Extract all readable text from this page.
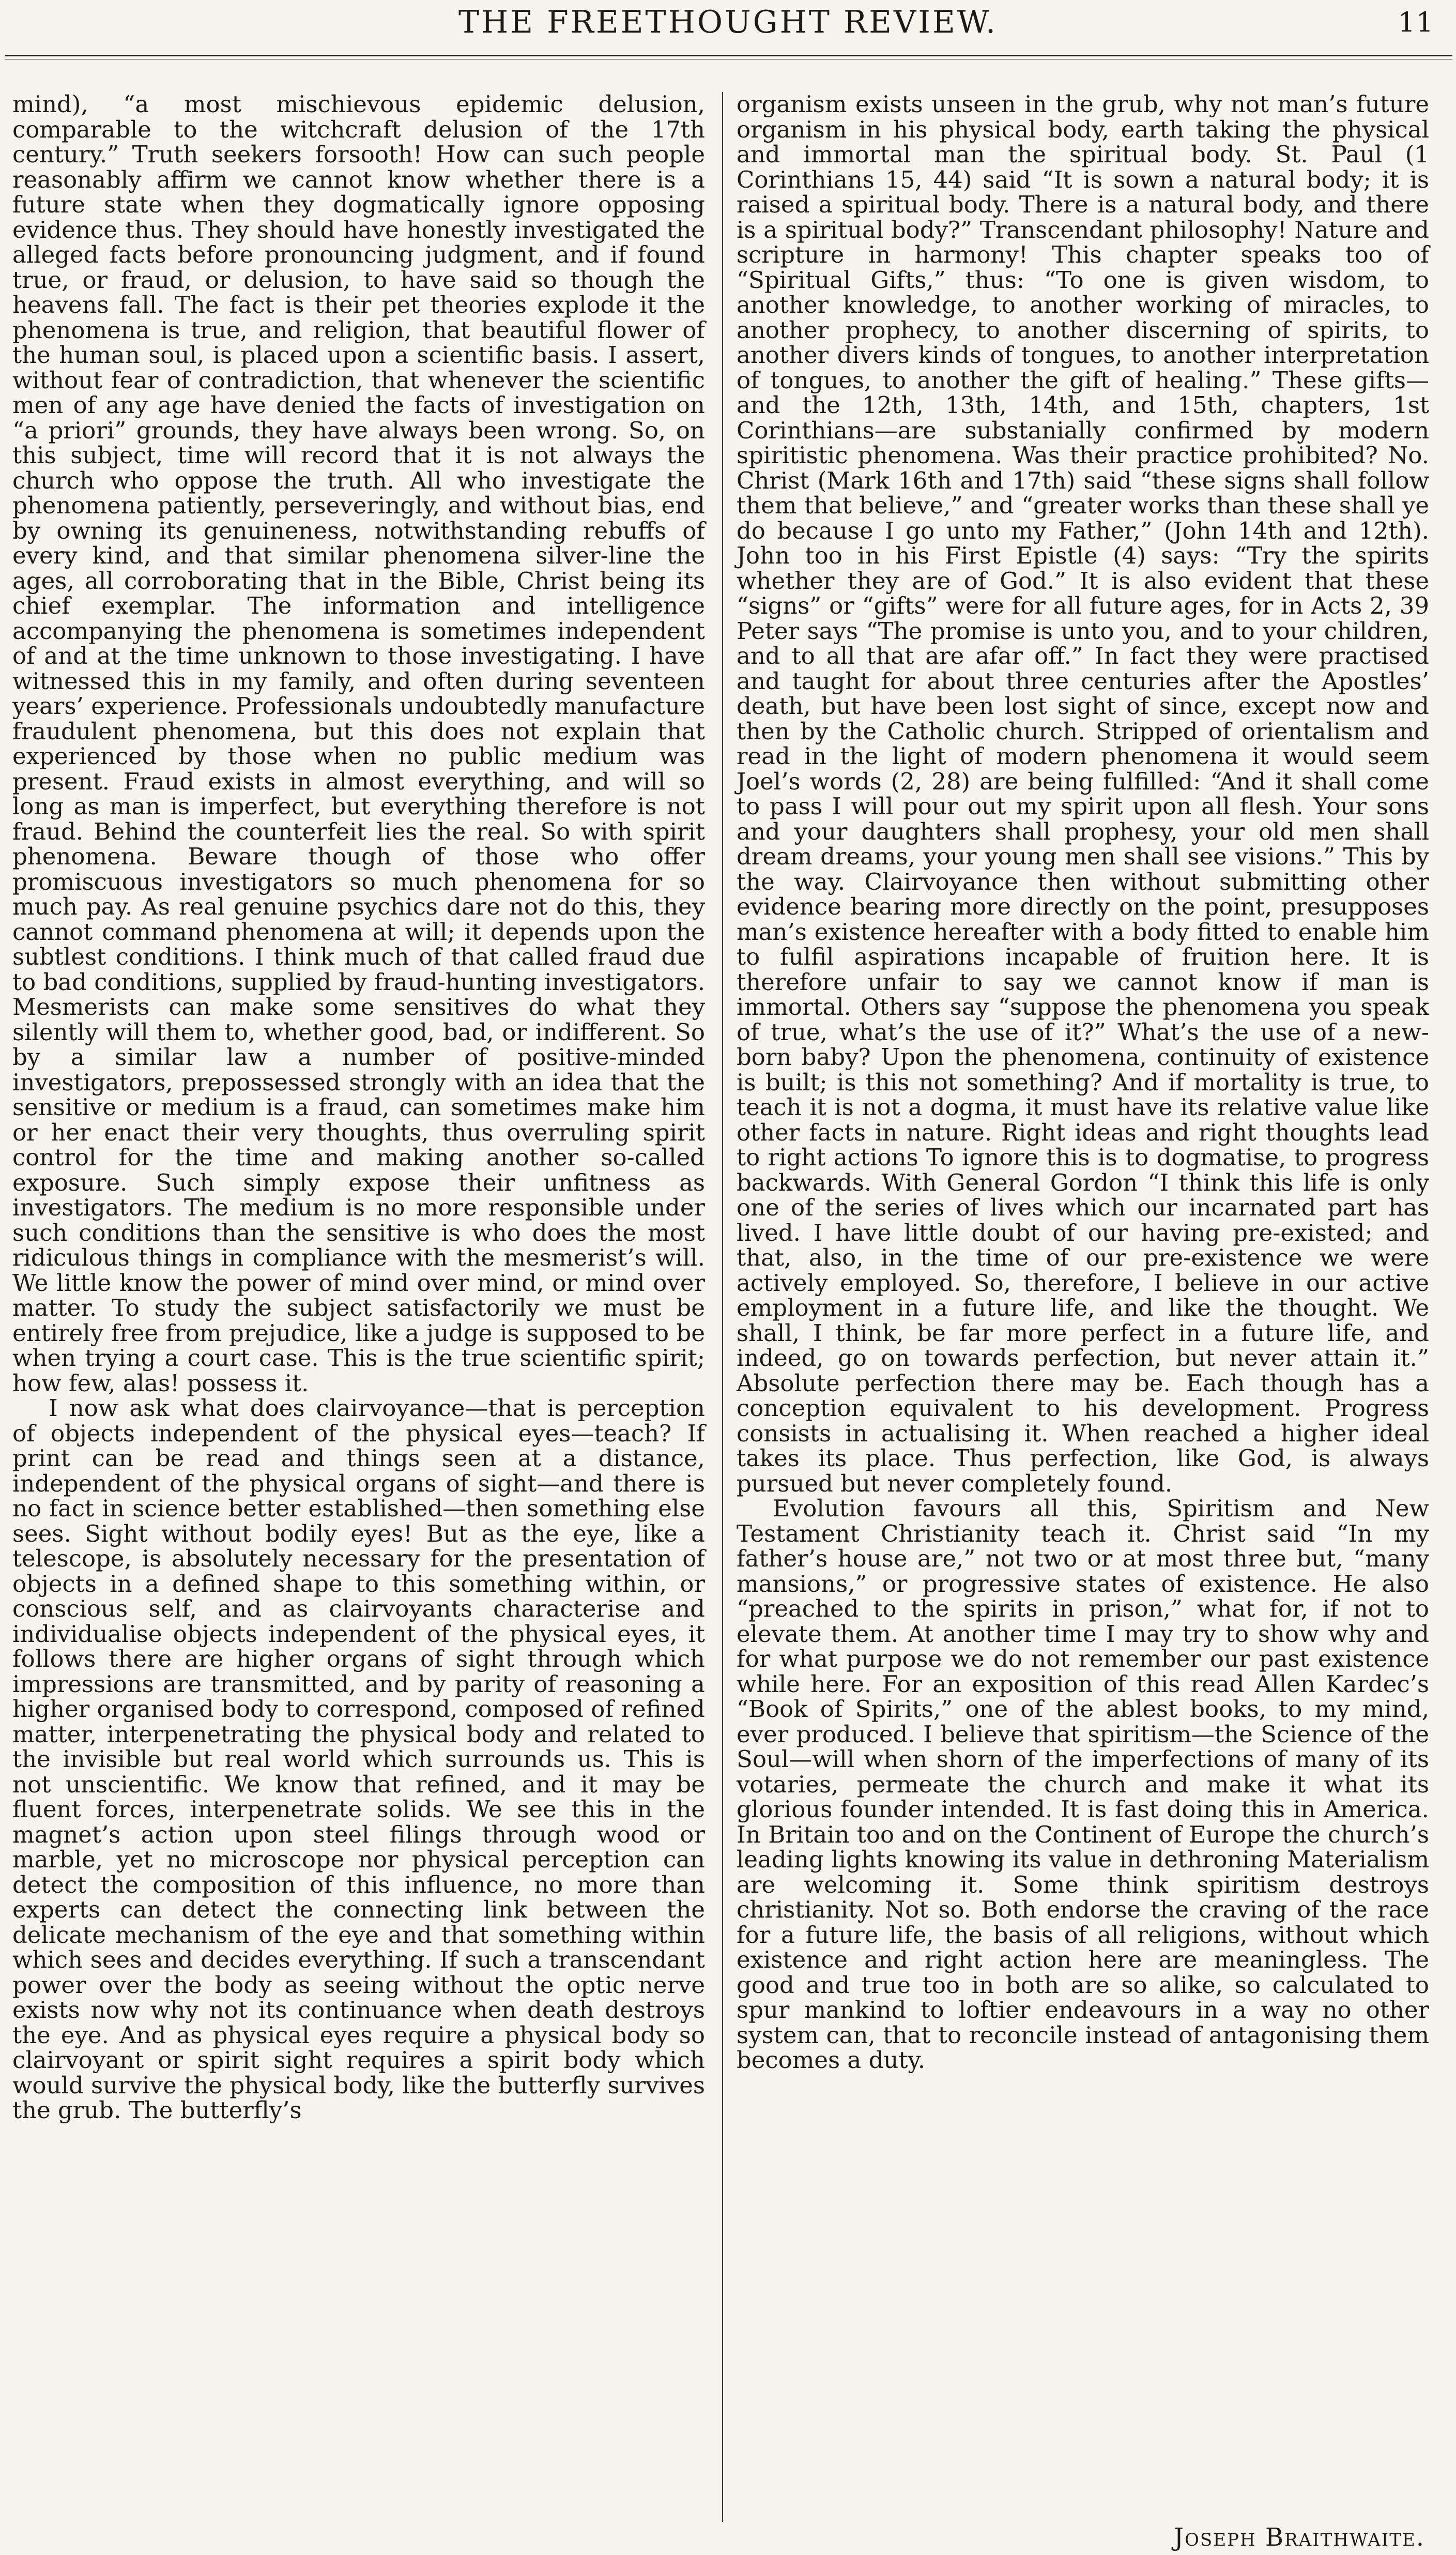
THE FREETHOUGHT REVIEW.	11

mind), “a most mischievous epidemic delusion, comparable to the witchcraft delusion of the 17th century.” Truth seekers forsooth! How can such people reasonably affirm we cannot know whether there is a future state when they dogmatically ignore opposing evidence thus. They should have honestly investigated the alleged facts before pronouncing judgment, and if found true, or fraud, or delusion, to have said so though the heavens fall. The fact is their pet theories explode it the phenomena is true, and religion, that beautiful flower of the human soul, is placed upon a scientific basis. I assert, without fear of contradiction, that whenever the scientific men of any age have denied the facts of investigation on “a priori” grounds, they have always been wrong. So, on this subject, time will record that it is not always the church who oppose the truth. All who investigate the phenomena patiently, perseveringly, and without bias, end by owning its genuineness, notwithstanding rebuffs of every kind, and that similar phenomena silver-line the ages, all corroborating that in the Bible, Christ being its chief exemplar. The information and intelligence accompanying the phenomena is sometimes independent of and at the time unknown to those investigating. I have witnessed this in my family, and often during seventeen years’ experience. Professionals undoubtedly manufacture fraudulent phenomena, but this does not explain that experienced by those when no public medium was present. Fraud exists in almost everything, and will so long as man is imperfect, but everything therefore is not fraud. Behind the counterfeit lies the real. So with spirit phenomena. Beware though of those who offer promiscuous investigators so much phenomena for so much pay. As real genuine psychics dare not do this, they cannot command phenomena at will; it depends upon the subtlest conditions. I think much of that called fraud due to bad conditions, supplied by fraud-hunting investigators. Mesmerists can make some sensitives do what they silently will them to, whether good, bad, or indifferent. So by a similar law a number of positive-minded investigators, prepossessed strongly with an idea that the sensitive or medium is a fraud, can sometimes make him or her enact their very thoughts, thus overruling spirit control for the time and making another so-called exposure. Such simply expose their unfitness as investigators. The medium is no more responsible under such conditions than the sensitive is who does the most ridiculous things in compliance with the mesmerist’s will. We little know the power of mind over mind, or mind over matter. To study the subject satisfactorily we must be entirely free from prejudice, like a judge is supposed to be when trying a court case. This is the true scientific spirit; how few, alas! possess it.

I now ask what does clairvoyance—that is perception of objects independent of the physical eyes—teach? If print can be read and things seen at a distance, independent of the physical organs of sight—and there is no fact in science better established—then something else sees. Sight without bodily eyes! But as the eye, like a telescope, is absolutely necessary for the presentation of objects in a defined shape to this something within, or conscious self, and as clairvoyants characterise and individualise objects independent of the physical eyes, it follows there are higher organs of sight through which impressions are transmitted, and by parity of reasoning a higher organised body to correspond, composed of refined matter, interpenetrating the physical body and related to the invisible but real world which surrounds us. This is not unscientific. We know that refined, and it may be fluent forces, interpenetrate solids. We see this in the magnet’s action upon steel filings through wood or marble, yet no microscope nor physical perception can detect the composition of this influence, no more than experts can detect the connecting link between the delicate mechanism of the eye and that something within which sees and decides everything. If such a transcendant power over the body as seeing without the optic nerve exists now why not its continuance when death destroys the eye. And as physical eyes require a physical body so clairvoyant or spirit sight requires a spirit body which would survive the physical body, like the butterfly survives the grub. The butterfly’s

organism exists unseen in the grub, why not man’s future organism in his physical body, earth taking the physical and immortal man the spiritual body. St. Paul (1 Corinthians 15, 44) said “It is sown a natural body; it is raised a spiritual body. There is a natural body, and there is a spiritual body?” Transcendant philosophy! Nature and scripture in harmony! This chapter speaks too of “Spiritual Gifts,” thus: “To one is given wisdom, to another knowledge, to another working of miracles, to another prophecy, to another discerning of spirits, to another divers kinds of tongues, to another interpretation of tongues, to another the gift of healing.” These gifts—and the 12th, 13th, 14th, and 15th, chapters, 1st Corinthians—are substanially confirmed by modern spiritistic phenomena. Was their practice prohibited? No. Christ (Mark 16th and 17th) said “these signs shall follow them that believe,” and “greater works than these shall ye do because I go unto my Father,” (John 14th and 12th). John too in his First Epistle (4) says: “Try the spirits whether they are of God.” It is also evident that these “signs” or “gifts” were for all future ages, for in Acts 2, 39 Peter says “The promise is unto you, and to your children, and to all that are afar off.” In fact they were practised and taught for about three centuries after the Apostles’ death, but have been lost sight of since, except now and then by the Catholic church. Stripped of orientalism and read in the light of modern phenomena it would seem Joel’s words (2, 28) are being fulfilled: “And it shall come to pass I will pour out my spirit upon all flesh. Your sons and your daughters shall prophesy, your old men shall dream dreams, your young men shall see visions.” This by the way. Clairvoyance then without submitting other evidence bearing more directly on the point, presupposes man’s existence hereafter with a body fitted to enable him to fulfil aspirations incapable of fruition here. It is therefore unfair to say we cannot know if man is immortal. Others say “suppose the phenomena you speak of true, what’s the use of it?” What’s the use of a new-born baby? Upon the phenomena, continuity of existence is built; is this not something? And if mortality is true, to teach it is not a dogma, it must have its relative value like other facts in nature. Right ideas and right thoughts lead to right actions To ignore this is to dogmatise, to progress backwards. With General Gordon “I think this life is only one of the series of lives which our incarnated part has lived. I have little doubt of our having pre-existed; and that, also, in the time of our pre-existence we were actively employed. So, therefore, I believe in our active employment in a future life, and like the thought. We shall, I think, be far more perfect in a future life, and indeed, go on towards perfection, but never attain it.” Absolute perfection there may be. Each though has a conception equivalent to his development. Progress consists in actualising it. When reached a higher ideal takes its place. Thus perfection, like God, is always pursued but never completely found.

Evolution favours all this, Spiritism and New Testament Christianity teach it. Christ said “In my father’s house are,” not two or at most three but, “many mansions,” or progressive states of existence. He also “preached to the spirits in prison,” what for, if not to elevate them. At another time I may try to show why and for what purpose we do not remember our past existence while here. For an exposition of this read Allen Kardec’s “Book of Spirits,” one of the ablest books, to my mind, ever produced. I believe that spiritism—the Science of the Soul—will when shorn of the imperfections of many of its votaries, permeate the church and make it what its glorious founder intended. It is fast doing this in America. In Britain too and on the Continent of Europe the church’s leading lights knowing its value in dethroning Materialism are welcoming it. Some think spiritism destroys christianity. Not so. Both endorse the craving of the race for a future life, the basis of all religions, without which existence and right action here are meaningless. The good and true too in both are so alike, so calculated to spur mankind to loftier endeavours in a way no other system can, that to reconcile instead of antagonising them becomes a duty.

Joseph Braithwaite.
